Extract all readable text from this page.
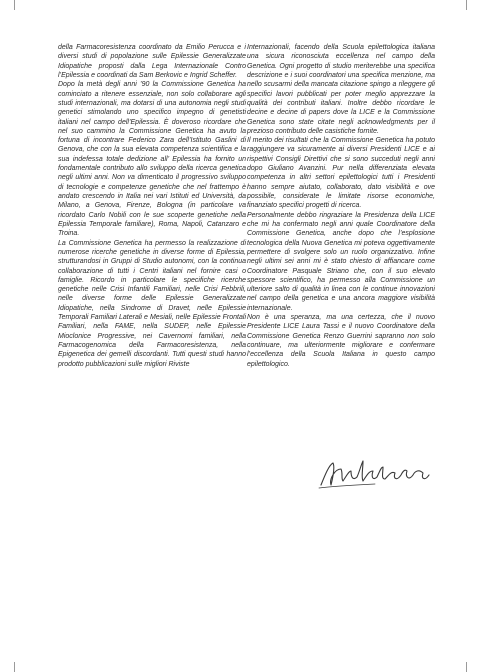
della Farmacoresistenza coordinato da Emilio Perucca e i diversi studi di popolazione sulle Epilessie Generalizzate Idiopatiche proposti dalla Lega Internazionale Contro l’Epilessia e coordinati da Sam Berkovic e Ingrid Scheffer.

Dopo la metà degli anni ’90 la Commissione Genetica ha cominciato a ritenere essenziale, non solo collaborare agli studi internazionali, ma dotarsi di una autonomia negli studi genetici stimolando uno specifico impegno di genetisti italiani nel campo dell’Epilessia. È doveroso ricordare che nel suo cammino la Commissione Genetica ha avuto la fortuna di incontrare Federico Zara dell’Istituto Gaslini di Genova, che con la sua elevata competenza scientifica e la sua indefessa totale dedizione all’ Epilessia ha fornito un fondamentale contributo allo sviluppo della ricerca genetica negli ultimi anni. Non va dimenticato il progressivo sviluppo di tecnologie e competenze genetiche che nel frattempo è andato crescendo in Italia nei vari Istituti ed Università, da Milano, a Genova, Firenze, Bologna (in particolare va ricordato Carlo Nobili con le sue scoperte genetiche nella Epilessia Temporale familiare), Roma, Napoli, Catanzaro e Troina.

La Commissione Genetica ha permesso la realizzazione di numerose ricerche genetiche in diverse forme di Epilessia, strutturandosi in Gruppi di Studio autonomi, con la continua collaborazione di tutti i Centri italiani nel fornire casi o famiglie. Ricordo in particolare le specifiche ricerche genetiche nelle Crisi Infantili Familiari, nelle Crisi Febbrili, nelle diverse forme delle Epilessie Generalizzate Idiopatiche, nella Sindrome di Dravet, nelle Epilessie Temporali Familiari Laterali e Mesiali, nelle Epilessie Frontali Familiari, nella FAME, nella SUDEP, nelle Epilessie Mioclonice Progressive, nei Cavernomi familiari, nella Farmacogenomica della Farmacoresistenza, nella Epigenetica dei gemelli discordanti. Tutti questi studi hanno prodotto pubblicazioni sulle migliori Riviste

Internazionali, facendo della Scuola epilettologica italiana una sicura riconosciuta eccellenza nel campo della Genetica. Ogni progetto di studio meriterebbe una specifica descrizione e i suoi coordinatori una specifica menzione, ma nello scusarmi della mancata citazione spingo a rileggere gli specifici lavori pubblicati per poter meglio apprezzare la qualità dei contributi italiani. Inoltre debbo ricordare le decine e decine di papers dove la LICE e la Commissione Genetica sono state citate negli acknowledgments per il prezioso contributo delle casistiche fornite.

Il merito dei risultati che la Commissione Genetica ha potuto raggiungere va sicuramente ai diversi Presidenti LICE e ai rispettivi Consigli Direttivi che si sono succeduti negli anni dopo Giuliano Avanzini. Pur nella differenziata elevata competenza in altri settori epilettologici tutti i Presidenti hanno sempre aiutato, collaborato, dato visibilità e ove possibile, considerate le limitate risorse economiche, finanziato specifici progetti di ricerca.

Personalmente debbo ringraziare la Presidenza della LICE che mi ha confermato negli anni quale Coordinatore della Commissione Genetica, anche dopo che l’esplosione tecnologica della Nuova Genetica mi poteva oggettivamente permettere di svolgere solo un ruolo organizzativo. Infine negli ultimi sei anni mi è stato chiesto di affiancare come Coordinatore Pasquale Striano che, con il suo elevato spessore scientifico, ha permesso alla Commissione un ulteriore salto di qualità in linea con le continue innovazioni nel campo della genetica e una ancora maggiore visibilità internazionale.

Non è una speranza, ma una certezza, che il nuovo Presidente LICE Laura Tassi e il nuovo Coordinatore della Commissione Genetica Renzo Guerrini sapranno non solo continuare, ma ulteriormente migliorare e confermare l’eccellenza della Scuola Italiana in questo campo epilettologico.
